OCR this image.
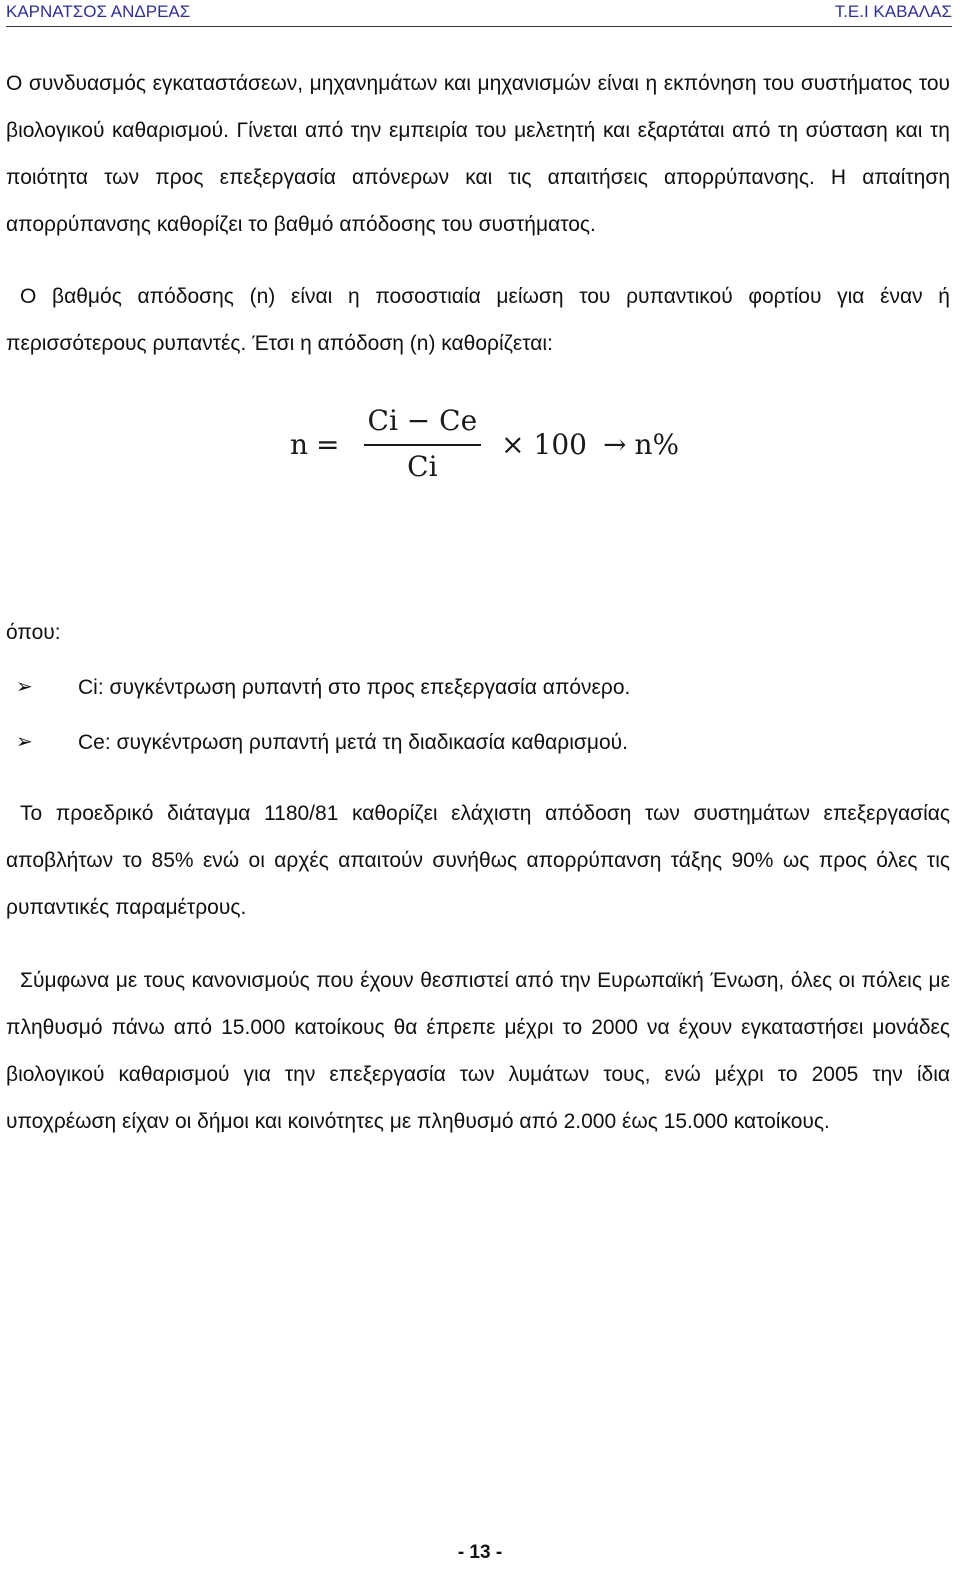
ΚΑΡΝΑΤΣΟΣ ΑΝΔΡΕΑΣ	Τ.Ε.Ι ΚΑΒΑΛΑΣ

Ο συνδυασμός εγκαταστάσεων, μηχανημάτων και μηχανισμών είναι η εκπόνηση του συστήματος του βιολογικού καθαρισμού. Γίνεται από την εμπειρία του μελετητή και εξαρτάται από τη σύσταση και τη ποιότητα των προς επεξεργασία απόνερων και τις απαιτήσεις απορρύπανσης. Η απαίτηση απορρύπανσης καθορίζει το βαθμό απόδοσης του συστήματος.

Ο βαθμός απόδοσης (n) είναι η ποσοστιαία μείωση του ρυπαντικού φορτίου για έναν ή περισσότερους ρυπαντές. Έτσι η απόδοση (n) καθορίζεται:

$n = \frac{Ci - Ce}{Ci} \times 100 \to n\%$
όπου:
➢ Ci: συγκέντρωση ρυπαντή στο προς επεξεργασία απόνερο.
➢ Ce: συγκέντρωση ρυπαντή μετά τη διαδικασία καθαρισμού.

Το προεδρικό διάταγμα 1180/81 καθορίζει ελάχιστη απόδοση των συστημάτων επεξεργασίας αποβλήτων το 85% ενώ οι αρχές απαιτούν συνήθως απορρύπανση τάξης 90% ως προς όλες τις ρυπαντικές παραμέτρους.

Σύμφωνα με τους κανονισμούς που έχουν θεσπιστεί από την Ευρωπαϊκή Ένωση, όλες οι πόλεις με πληθυσμό πάνω από 15.000 κατοίκους θα έπρεπε μέχρι το 2000 να έχουν εγκαταστήσει μονάδες βιολογικού καθαρισμού για την επεξεργασία των λυμάτων τους, ενώ μέχρι το 2005 την ίδια υποχρέωση είχαν οι δήμοι και κοινότητες με πληθυσμό από 2.000 έως 15.000 κατοίκους.

- 13 -
